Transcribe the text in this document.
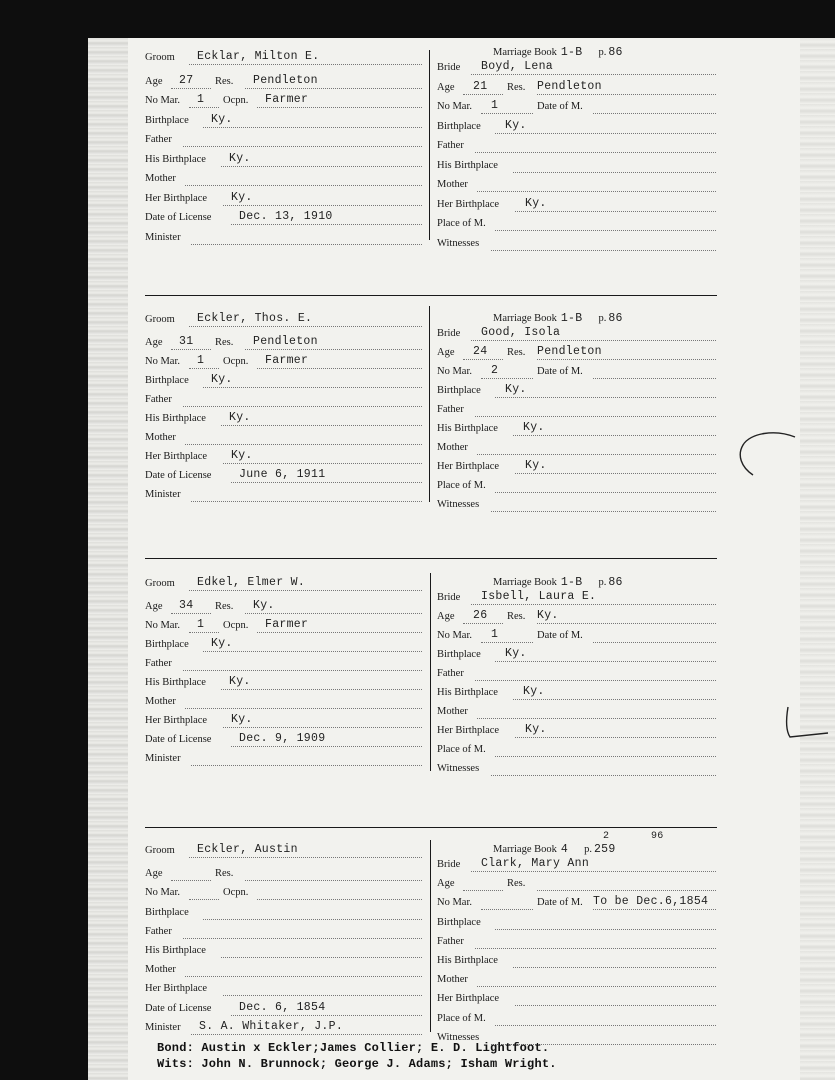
Groom Ecklar, Milton E.
Age 27 Res. Pendleton
No Mar. 1 Ocpn. Farmer
Birthplace Ky.
Father
His Birthplace Ky.
Mother
Her Birthplace Ky.
Date of License Dec. 13, 1910
Minister
Marriage Book 1-B p. 86
Bride Boyd, Lena
Age 21 Res. Pendleton
No Mar. 1	Date of M.
Birthplace Ky.
Father
His Birthplace
Mother
Her Birthplace Ky.
Place of M.
Witnesses
Groom Eckler, Thos. E.
Age 31 Res. Pendleton
No Mar. 1 Ocpn. Farmer
Birthplace Ky.
Father
His Birthplace Ky.
Mother
Her Birthplace Ky.
Date of License June 6, 1911
Minister
Marriage Book 1-B p. 86
Bride Good, Isola
Age 24 Res. Pendleton
No Mar. 2	Date of M.
Birthplace Ky.
Father
His Birthplace Ky.
Mother
Her Birthplace Ky.
Place of M.
Witnesses
Groom Edkel, Elmer W.
Age 34 Res. Ky.
No Mar. 1 Ocpn. Farmer
Birthplace Ky.
Father
His Birthplace Ky.
Mother
Her Birthplace Ky.
Date of License Dec. 9, 1909
Minister
Marriage Book 1-B p. 86
Bride Isbell, Laura E.
Age 26 Res. Ky.
No Mar. 1	Date of M.
Birthplace Ky.
Father
His Birthplace Ky.
Mother
Her Birthplace Ky.
Place of M.
Witnesses
Groom Eckler, Austin
Age	Res.
No Mar.	Ocpn.
Birthplace
Father
His Birthplace
Mother
Her Birthplace
Date of License Dec. 6, 1854
Minister S. A. Whitaker, J.P.
Marriage Book 4 p. 259
2	96
Bride Clark, Mary Ann
Age	Res.
No Mar.	Date of M. To be Dec.6,1854
Birthplace
Father
His Birthplace
Mother
Her Birthplace
Place of M.
Witnesses
Bond: Austin x Eckler;James Collier; E. D. Lightfoot.
Wits: John N. Brunnock; George J. Adams; Isham Wright.
